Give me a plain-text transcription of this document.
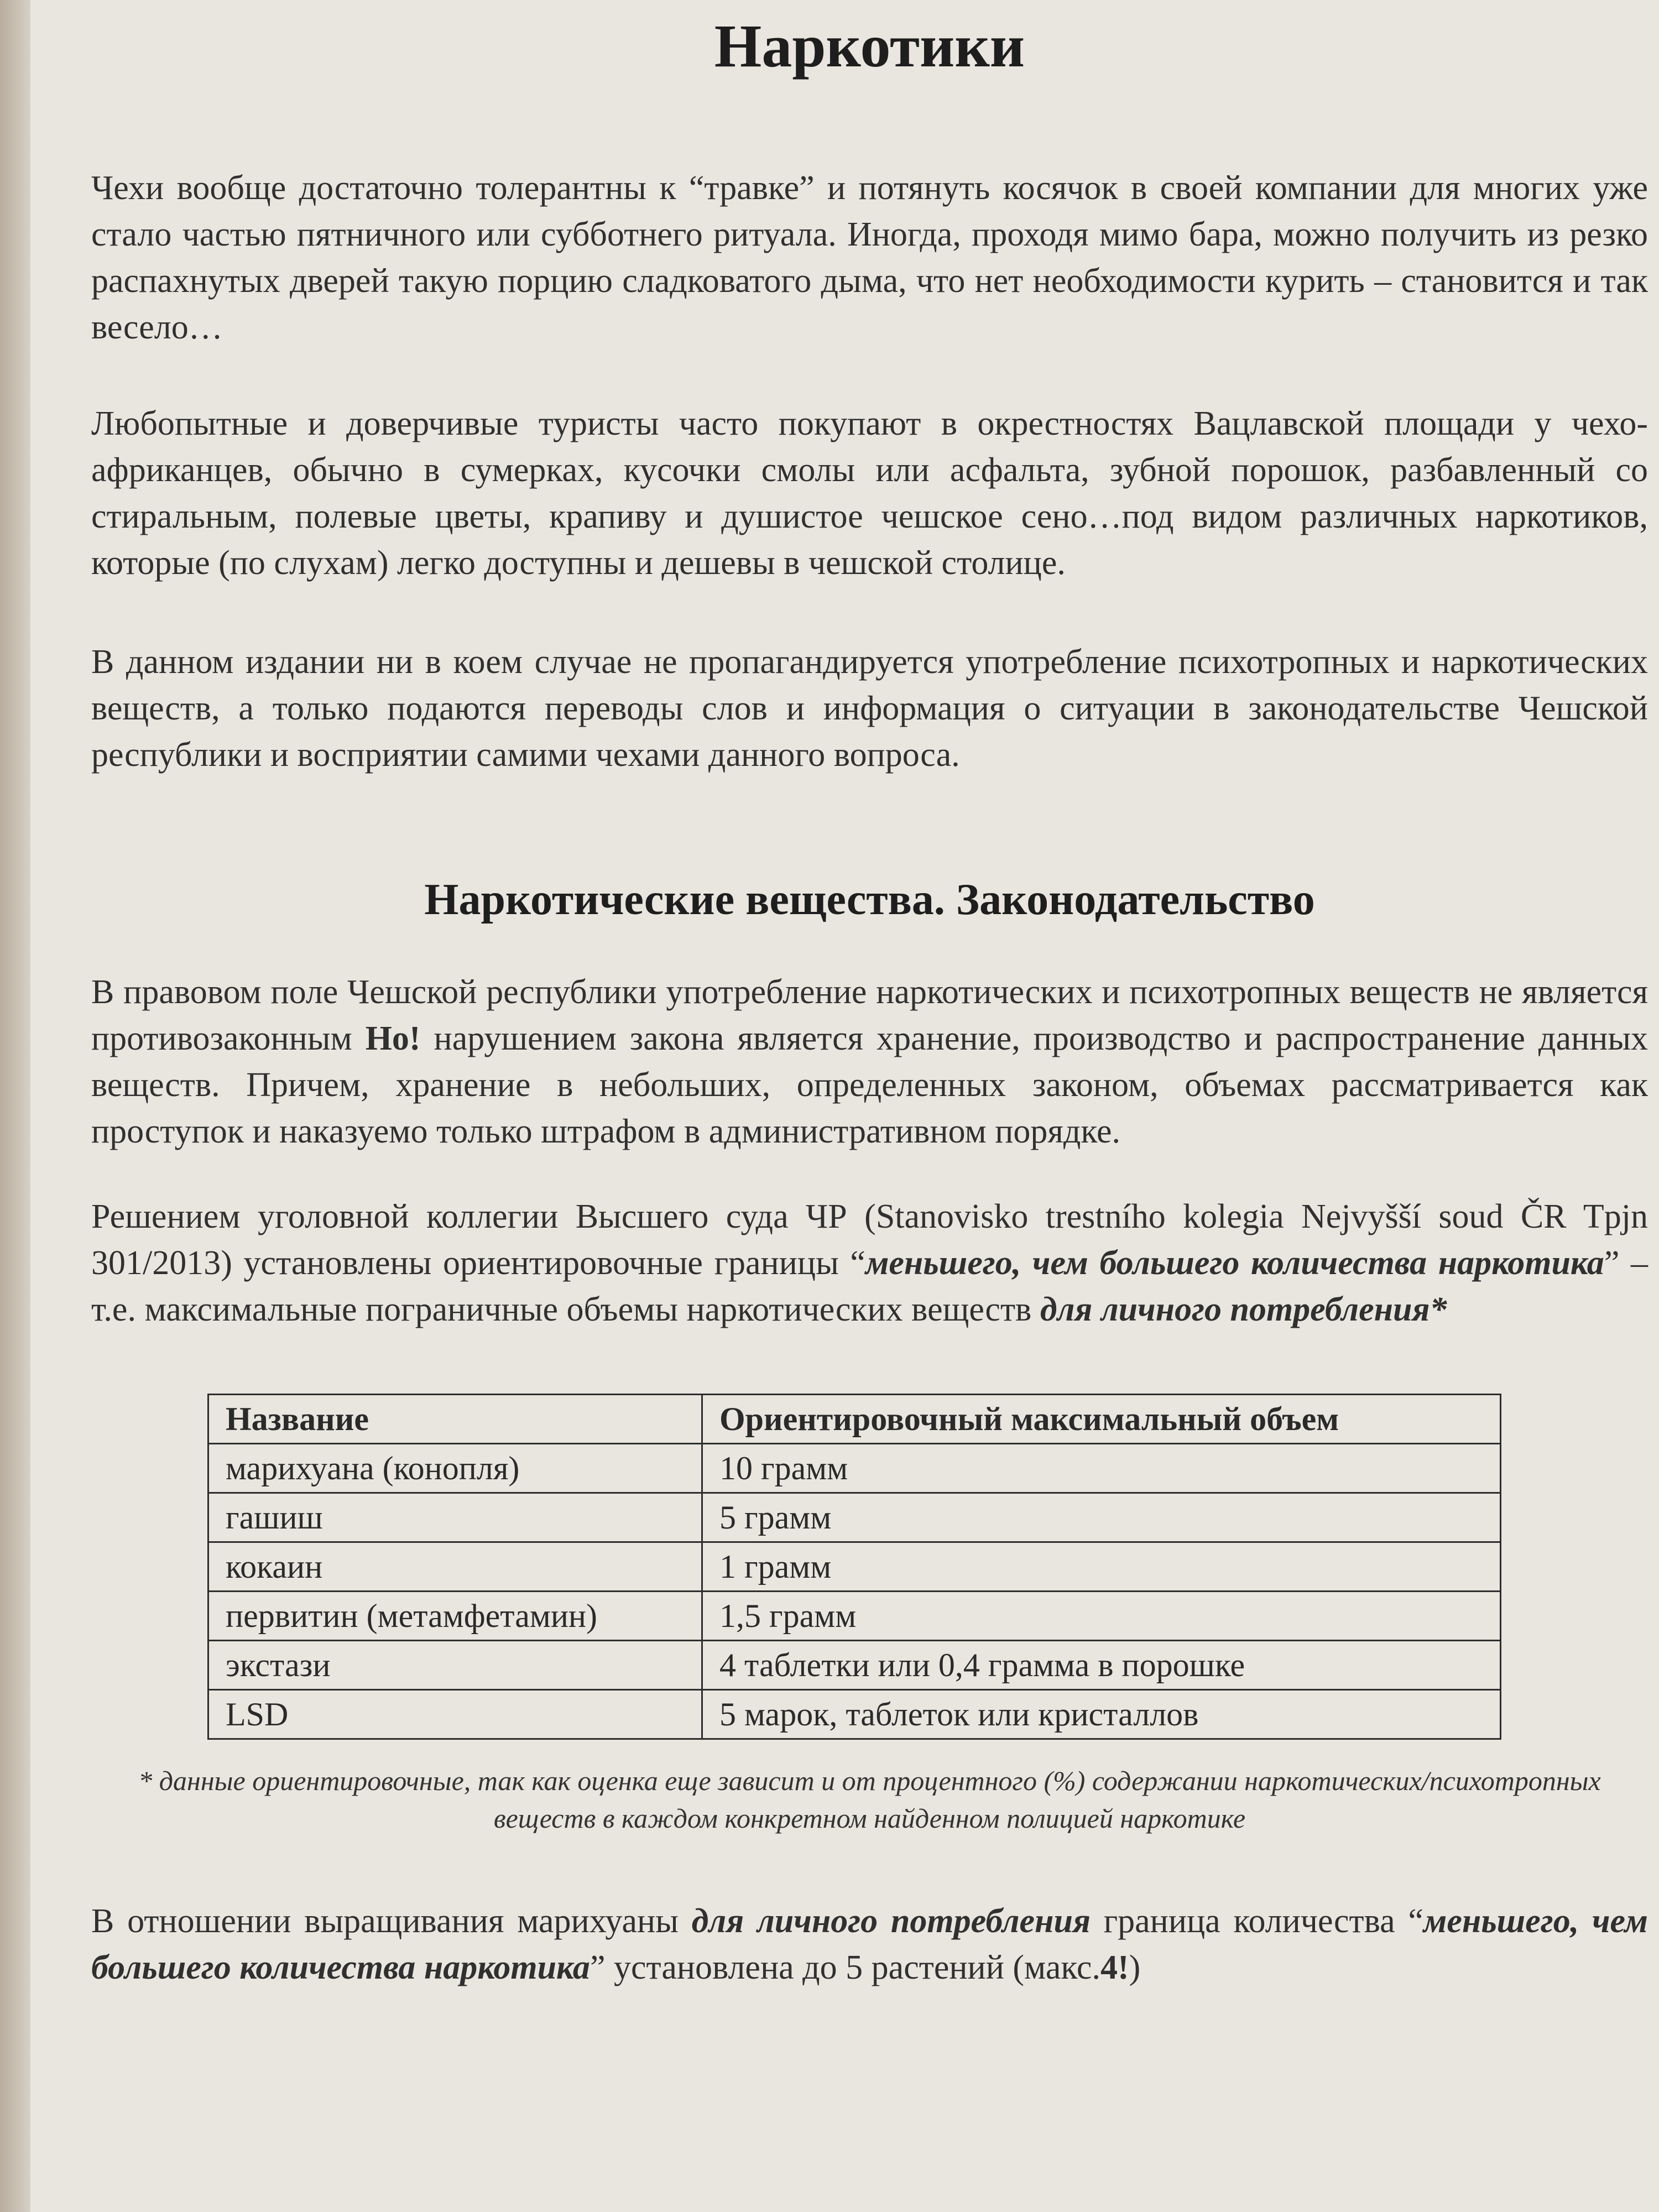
Наркотики

Чехи вообще достаточно толерантны к “травке” и потянуть косячок в своей компании для многих уже стало частью пятничного или субботнего ритуала. Иногда, проходя мимо бара, можно получить из резко распахнутых дверей такую порцию сладковатого дыма, что нет необходимости курить – становится и так весело…

Любопытные и доверчивые туристы часто покупают в окрестностях Вацлавской площади у чехо-африканцев, обычно в сумерках, кусочки смолы или асфальта, зубной порошок, разбавленный со стиральным, полевые цветы, крапиву и душистое чешское сено…под видом различных наркотиков, которые (по слухам) легко доступны и дешевы в чешской столице.

В данном издании ни в коем случае не пропагандируется употребление психотропных и наркотических веществ, а только подаются переводы слов и информация о ситуации в законодательстве Чешской республики и восприятии самими чехами данного вопроса.

Наркотические вещества. Законодательство

В правовом поле Чешской республики употребление наркотических и психотропных веществ не является противозаконным Но! нарушением закона является хранение, производство и распространение данных веществ. Причем, хранение в небольших, определенных законом, объемах рассматривается как проступок и наказуемо только штрафом в административном порядке.

Решением уголовной коллегии Высшего суда ЧР (Stanovisko trestního kolegia Nejvyšší soud ČR Tpjn 301/2013) установлены ориентировочные границы “меньшего, чем большего количества наркотика” – т.е. максимальные пограничные объемы наркотических веществ для личного потребления*

Название	Ориентировочный максимальный объем
марихуана (конопля)	10 грамм
гашиш	5 грамм
кокаин	1 грамм
первитин (метамфетамин)	1,5 грамм
экстази	4 таблетки или 0,4 грамма в порошке
LSD	5 марок, таблеток или кристаллов

* данные ориентировочные, так как оценка еще зависит и от процентного (%) содержании наркотических/психотропных веществ в каждом конкретном найденном полицией наркотике

В отношении выращивания марихуаны для личного потребления граница количества “меньшего, чем большего количества наркотика” установлена до 5 растений (макс.4!)
